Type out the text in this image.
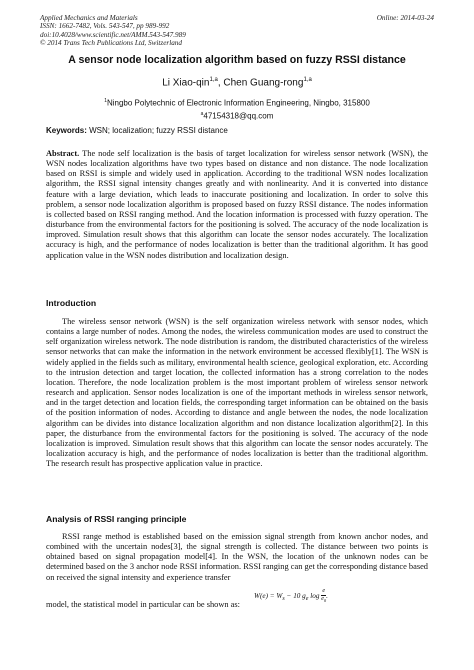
Applied Mechanics and Materials
ISSN: 1662-7482, Vols. 543-547, pp 989-992
doi:10.4028/www.scientific.net/AMM.543-547.989
© 2014 Trans Tech Publications Ltd, Switzerland
Online: 2014-03-24
A sensor node localization algorithm based on fuzzy RSSI distance
Li Xiao-qin$^{1,a}$, Chen Guang-rong$^{1,a}$
$^1$Ningbo Polytechnic of Electronic Information Engineering, Ningbo, 315800
$^a$47154318@qq.com
Keywords: WSN; localization; fuzzy RSSI distance
Abstract. The node self localization is the basis of target localization for wireless sensor network (WSN), the WSN nodes localization algorithms have two types based on distance and non distance. The node localization based on RSSI is simple and widely used in application. According to the traditional WSN nodes localization algorithm, the RSSI signal intensity changes greatly and with nonlinearity. And it is converted into distance feature with a large deviation, which leads to inaccurate positioning and localization. In order to solve this problem, a sensor node localization algorithm is proposed based on fuzzy RSSI distance. The nodes information is collected based on RSSI ranging method. And the location information is processed with fuzzy operation. The disturbance from the environmental factors for the positioning is solved. The accuracy of the node localization is improved. Simulation result shows that this algorithm can locate the sensor nodes accurately. The localization accuracy is high, and the performance of nodes localization is better than the traditional algorithm. It has good application value in the WSN nodes distribution and localization design.
Introduction
The wireless sensor network (WSN) is the self organization wireless network with sensor nodes, which contains a large number of nodes. Among the nodes, the wireless communication modes are used to construct the self organization wireless network. The node distribution is random, the distributed characteristics of the wireless sensor networks that can make the information in the network environment be accessed flexibly[1]. The WSN is widely applied in the fields such as military, environmental health science, geological exploration, etc. According to the intrusion detection and target location, the collected information has a strong correlation to the nodes location. Therefore, the node localization problem is the most important problem of wireless sensor network research and application. Sensor nodes localization is one of the important methods in wireless sensor network, and in the target detection and location fields, the corresponding target information can be obtained on the basis of the position information of nodes. According to distance and angle between the nodes, the node localization algorithm can be divides into distance localization algorithm and non distance localization algorithm[2]. In this paper, the disturbance from the environmental factors for the positioning is solved. The accuracy of the node localization is improved. Simulation result shows that this algorithm can locate the sensor nodes accurately. The localization accuracy is high, and the performance of nodes localization is better than the traditional algorithm. The research result has prospective application value in practice.
Analysis of RSSI ranging principle
RSSI range method is established based on the emission signal strength from known anchor nodes, and combined with the uncertain nodes[3], the signal strength is collected. The distance between two points is obtained based on signal propagation model[4]. In the WSN, the location of the unknown nodes can be determined based on the 3 anchor node RSSI information. RSSI ranging can get the corresponding distance based on received the signal intensity and experience transfer
model, the statistical model in particular can be shown as:
$W(e) = W_s - 10$ $g_e$ $\log \frac{e}{e_0}$ .
